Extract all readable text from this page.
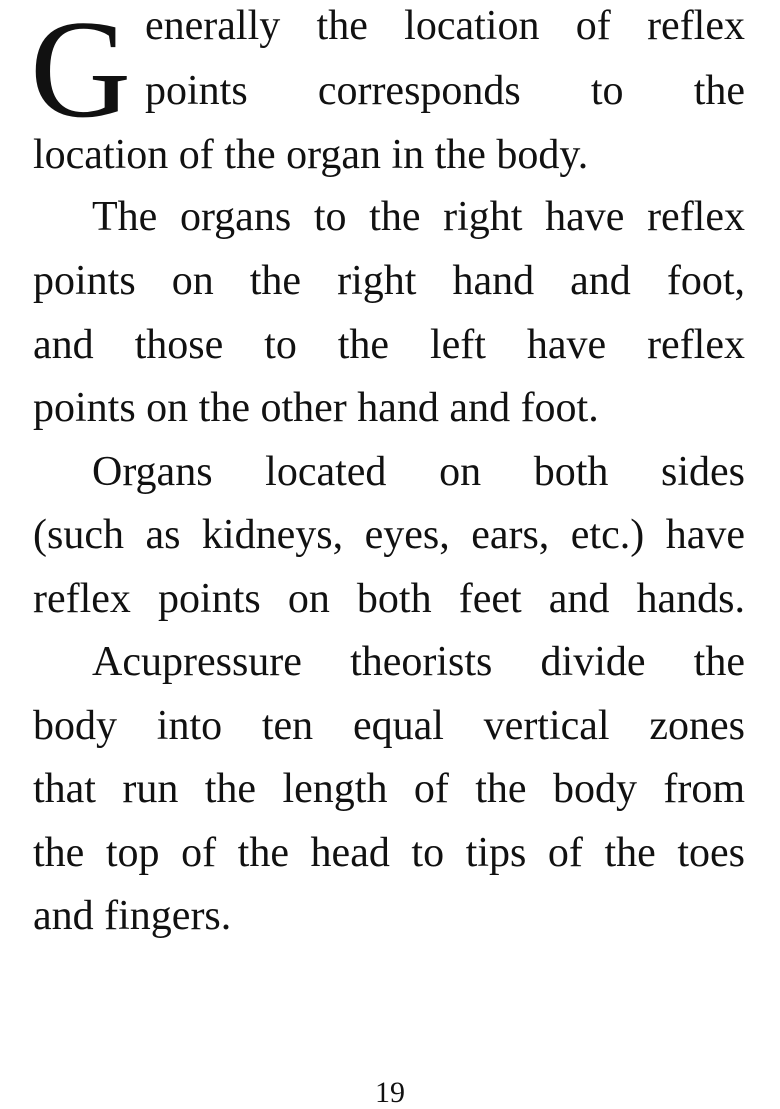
G enerally the location of reflex
points corresponds to the
location of the organ in the body.
The organs to the right have reflex
points on the right hand and foot,
and those to the left have reflex
points on the other hand and foot.
Organs located on both sides
(such as kidneys, eyes, ears, etc.) have
reflex points on both feet and hands.
Acupressure theorists divide the
body into ten equal vertical zones
that run the length of the body from
the top of the head to tips of the toes
and fingers.
19
